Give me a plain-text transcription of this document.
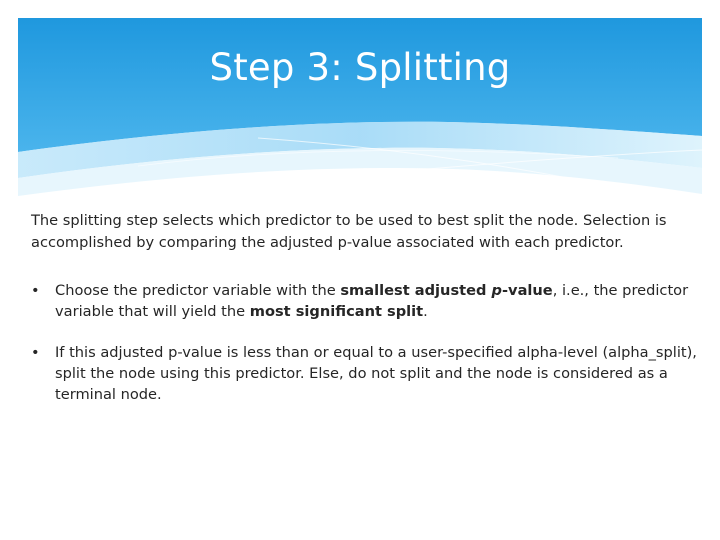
Step 3: Splitting

The splitting step selects which predictor to be used to best split the node. Selection is accomplished by comparing the adjusted p-value associated with each predictor.

•	Choose the predictor variable with the smallest adjusted p-value, i.e., the predictor variable that will yield the most significant split.
•	If this adjusted p-value is less than or equal to a user-specified alpha-level (alpha_split), split the node using this predictor. Else, do not split and the node is considered as a terminal node.
